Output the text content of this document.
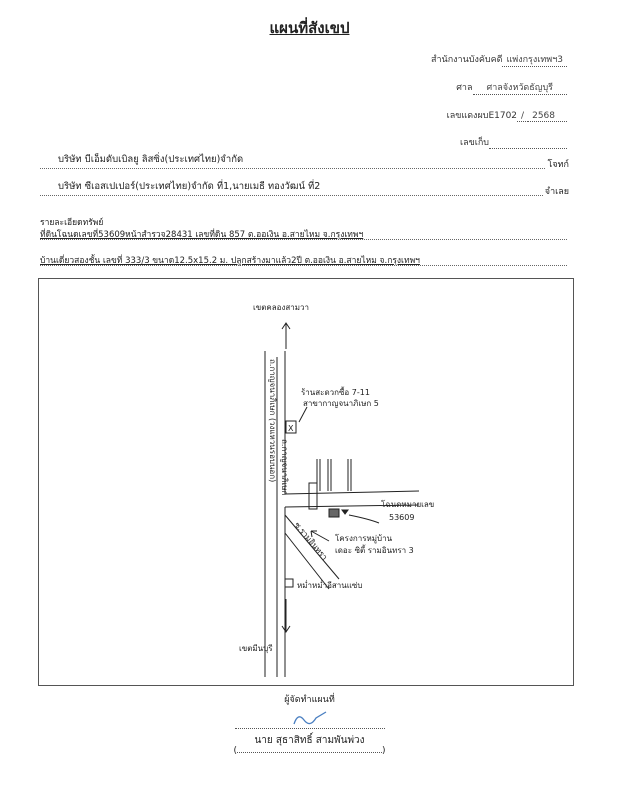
แผนที่สังเขป
สำนักงานบังคับคดี แพ่งกรุงเทพฯ3
ศาล ศาลจังหวัดธัญบุรี
เลขแดงผบE1702 / 2568
เลขเก็บ
บริษัท บีเอ็มดับเบิลยู ลิสซิ่ง(ประเทศไทย)จำกัด	โจทก์
บริษัท ซีเอสเปเปอร์(ประเทศไทย)จำกัด ที่1,นายเมธี ทองวัฒน์ ที่2	จำเลย
รายละเอียดทรัพย์
ที่ดินโฉนดเลขที่53609หน้าสำรวจ28431 เลขที่ดิน 857 ต.ออเงิน อ.สายไหม จ.กรุงเทพฯ
บ้านเดี่ยวสองชั้น เลขที่ 333/3 ขนาด12.5x15.2 ม. ปลูกสร้างมาแล้ว2ปี ต.ออเงิน อ.สายไหม จ.กรุงเทพฯ
เขตคลองสามวา
ถ.กาญจนาภิเษก (วงแหวนรอบนอก) ถ.กาญจนาภิเษก
X
ร้านสะดวกซื้อ 7-11
สาขากาญจนาภิเษก 5
โฉนดหมายเลข
53609
โครงการหมู่บ้าน
เดอะ ซิตี้ รามอินทรา 3
ซ.รามอินทรา
หม่ำหม่ำอีสานแซ่บ
เขตมีนบุรี
ผู้จัดทำแผนที่
นาย สุธาสิทธิ์ สามพันพ่วง
(	)
